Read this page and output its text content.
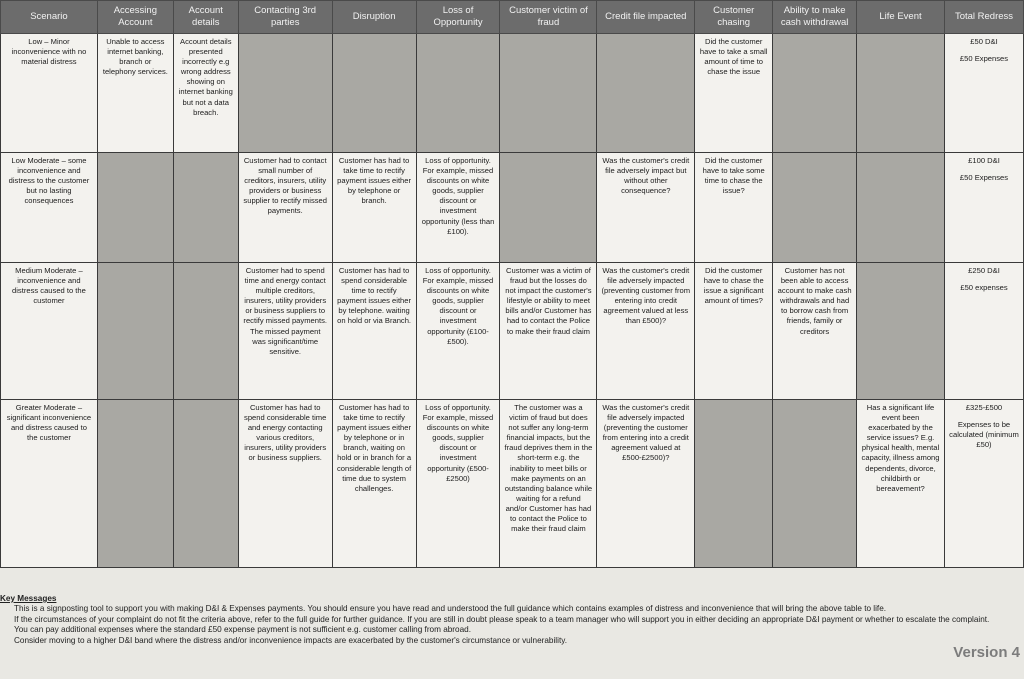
Scenario	Accessing Account	Account details	Contacting 3rd parties	Disruption	Loss of Opportunity	Customer victim of fraud	Credit file impacted	Customer chasing	Ability to make cash withdrawal	Life Event	Total Redress
Low – Minor inconvenience with no material distress	Unable to access internet banking, branch or telephony services.	Account details presented incorrectly e.g wrong address showing on internet banking but not a data breach.						Did the customer have to take a small amount of time to chase the issue			£50 D&I
£50 Expenses

Low Moderate – some inconvenience and distress to the customer but no lasting consequences			Customer had to contact small number of creditors, insurers, utility providers or business supplier to rectify missed payments.	Customer has had to take time to rectify payment issues either by telephone or branch.	Loss of opportunity. For example, missed discounts on white goods, supplier discount or investment opportunity (less than £100).		Was the customer's credit file adversely impact but without other consequence?	Did the customer have to take some time to chase the issue?			£100 D&I
£50 Expenses

Medium Moderate – inconvenience and distress caused to the customer			Customer had to spend time and energy contact multiple creditors, insurers, utility providers or business suppliers to rectify missed payments. The missed payment was significant/time sensitive.	Customer has had to spend considerable time to rectify payment issues either by telephone. waiting on hold or via Branch.	Loss of opportunity. For example, missed discounts on white goods, supplier discount or investment opportunity (£100-£500).	Customer was a victim of fraud but the losses do not impact the customer's lifestyle or ability to meet bills and/or Customer has had to contact the Police to make their fraud claim	Was the customer's credit file adversely impacted (preventing customer from entering into credit agreement valued at less than £500)?	Did the customer have to chase the issue a significant amount of times?	Customer has not been able to access account to make cash withdrawals and had to borrow cash from friends, family or creditors		£250 D&I
£50 expenses

Greater Moderate – significant inconvenience and distress caused to the customer			Customer has had to spend considerable time and energy contacting various creditors, insurers, utility providers or business suppliers.	Customer has had to take time to rectify payment issues either by telephone or in branch, waiting on hold or in branch for a considerable length of time due to system challenges.	Loss of opportunity. For example, missed discounts on white goods, supplier discount or investment opportunity (£500-£2500)	The customer was a victim of fraud but does not suffer any long-term financial impacts, but the fraud deprives them in the short-term e.g. the inability to meet bills or make payments on an outstanding balance while waiting for a refund and/or Customer has had to contact the Police to make their fraud claim	Was the customer's credit file adversely impacted (preventing the customer from entering into a credit agreement valued at £500-£2500)?			Has a significant life event been exacerbated by the service issues? E.g. physical health, mental capacity, illness among dependents, divorce, childbirth or bereavement?	£325-£500
Expenses to be calculated (minimum £50)
Key Messages
This is a signposting tool to support you with making D&I & Expenses payments. You should ensure you have read and understood the full guidance which contains examples of distress and inconvenience that will bring the above table to life.
If the circumstances of your complaint do not fit the criteria above, refer to the full guide for further guidance. If you are still in doubt please speak to a team manager who will support you in either deciding an appropriate D&I payment or whether to escalate the complaint.
You can pay additional expenses where the standard £50 expense payment is not sufficient e.g. customer calling from abroad.
Consider moving to a higher D&I band where the distress and/or inconvenience impacts are exacerbated by the customer's circumstance or vulnerability.
Version 4
